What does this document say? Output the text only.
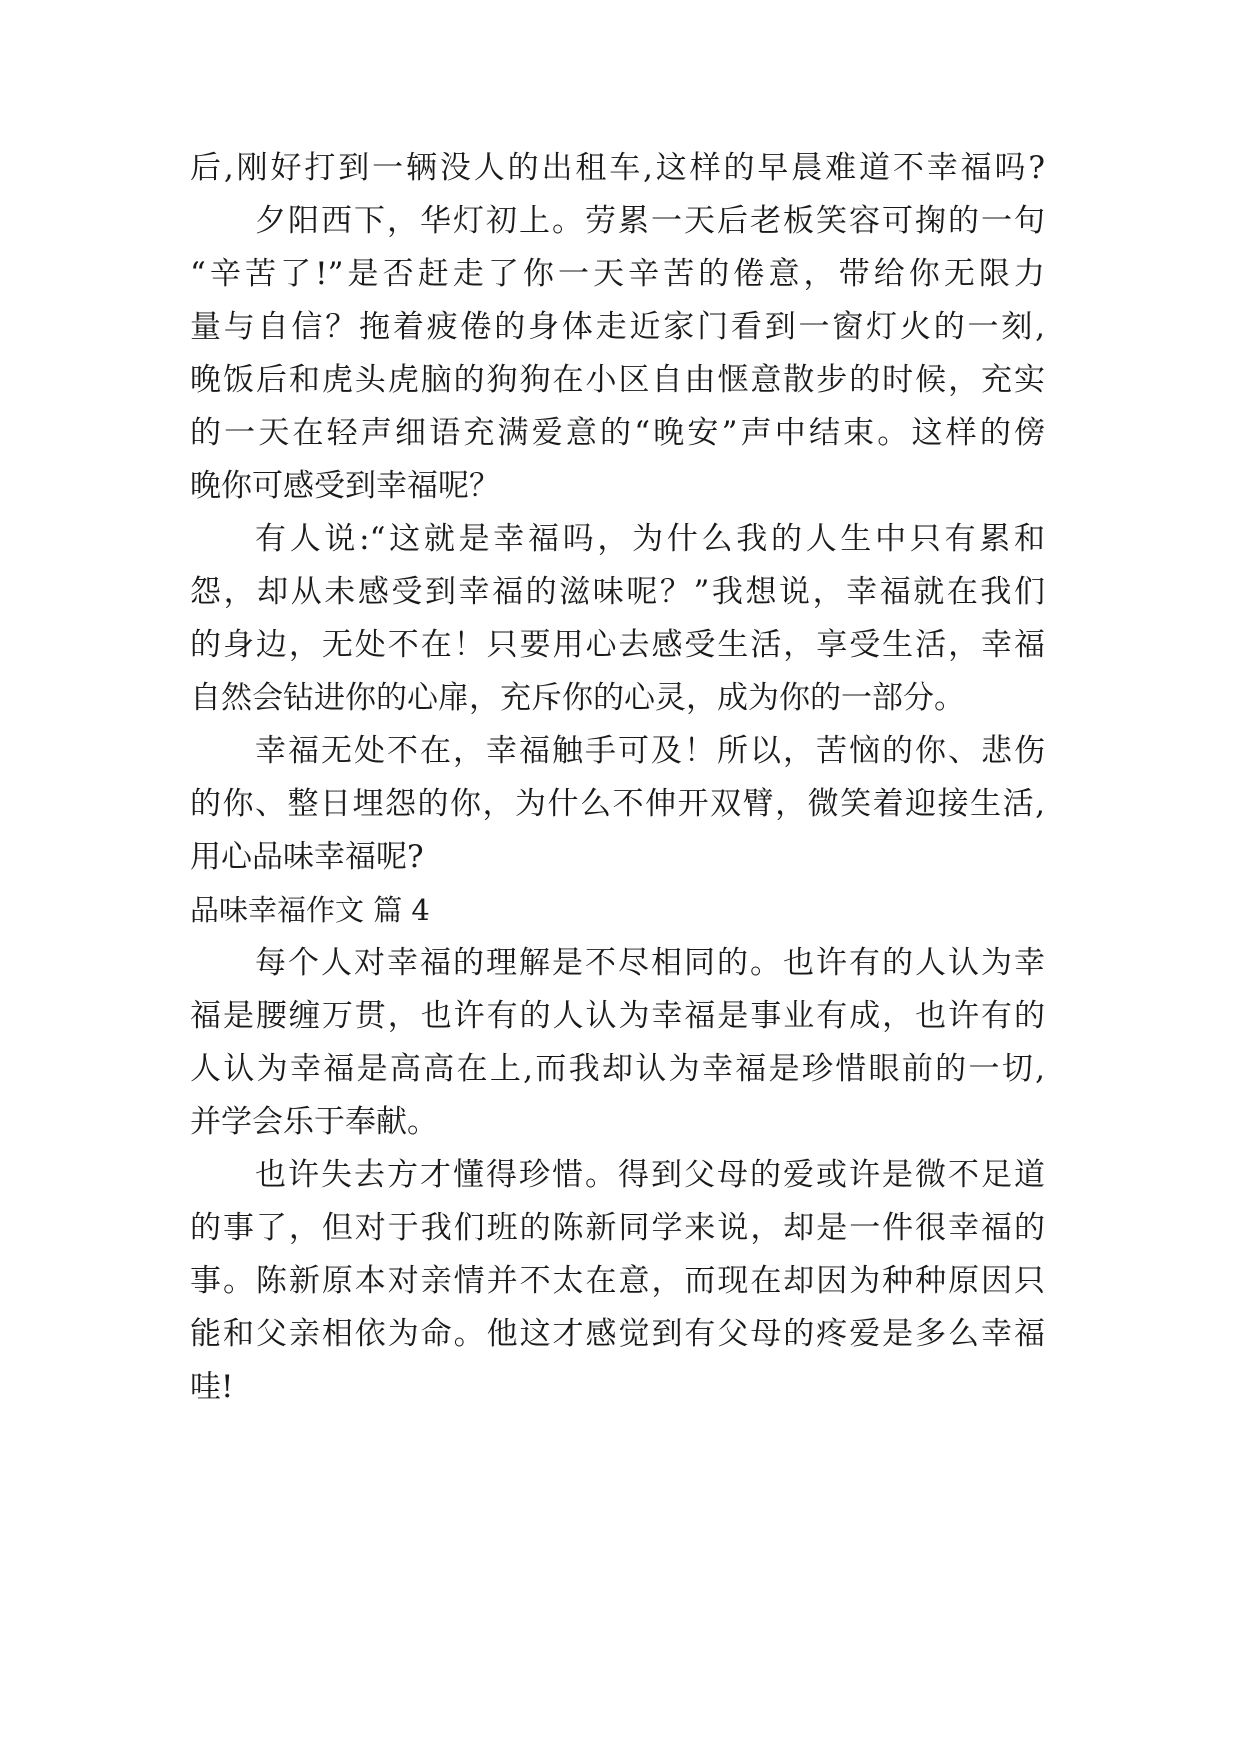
后,刚好打到一辆没人的出租车,这样的早晨难道不幸福吗?
夕阳西下，华灯初上。劳累一天后老板笑容可掬的一句
“辛苦了!”是否赶走了你一天辛苦的倦意，带给你无限力
量与自信？拖着疲倦的身体走近家门看到一窗灯火的一刻,
晚饭后和虎头虎脑的狗狗在小区自由惬意散步的时候，充实
的一天在轻声细语充满爱意的“晚安”声中结束。这样的傍
晚你可感受到幸福呢？
有人说:“这就是幸福吗，为什么我的人生中只有累和
怨，却从未感受到幸福的滋味呢？”我想说，幸福就在我们
的身边，无处不在！只要用心去感受生活，享受生活，幸福
自然会钻进你的心扉，充斥你的心灵，成为你的一部分。
幸福无处不在，幸福触手可及！所以，苦恼的你、悲伤
的你、整日埋怨的你，为什么不伸开双臂，微笑着迎接生活,
用心品味幸福呢?
品味幸福作文 篇 4
每个人对幸福的理解是不尽相同的。也许有的人认为幸
福是腰缠万贯，也许有的人认为幸福是事业有成，也许有的
人认为幸福是高高在上,而我却认为幸福是珍惜眼前的一切,
并学会乐于奉献。
也许失去方才懂得珍惜。得到父母的爱或许是微不足道
的事了，但对于我们班的陈新同学来说，却是一件很幸福的
事。陈新原本对亲情并不太在意，而现在却因为种种原因只
能和父亲相依为命。他这才感觉到有父母的疼爱是多么幸福
哇!
